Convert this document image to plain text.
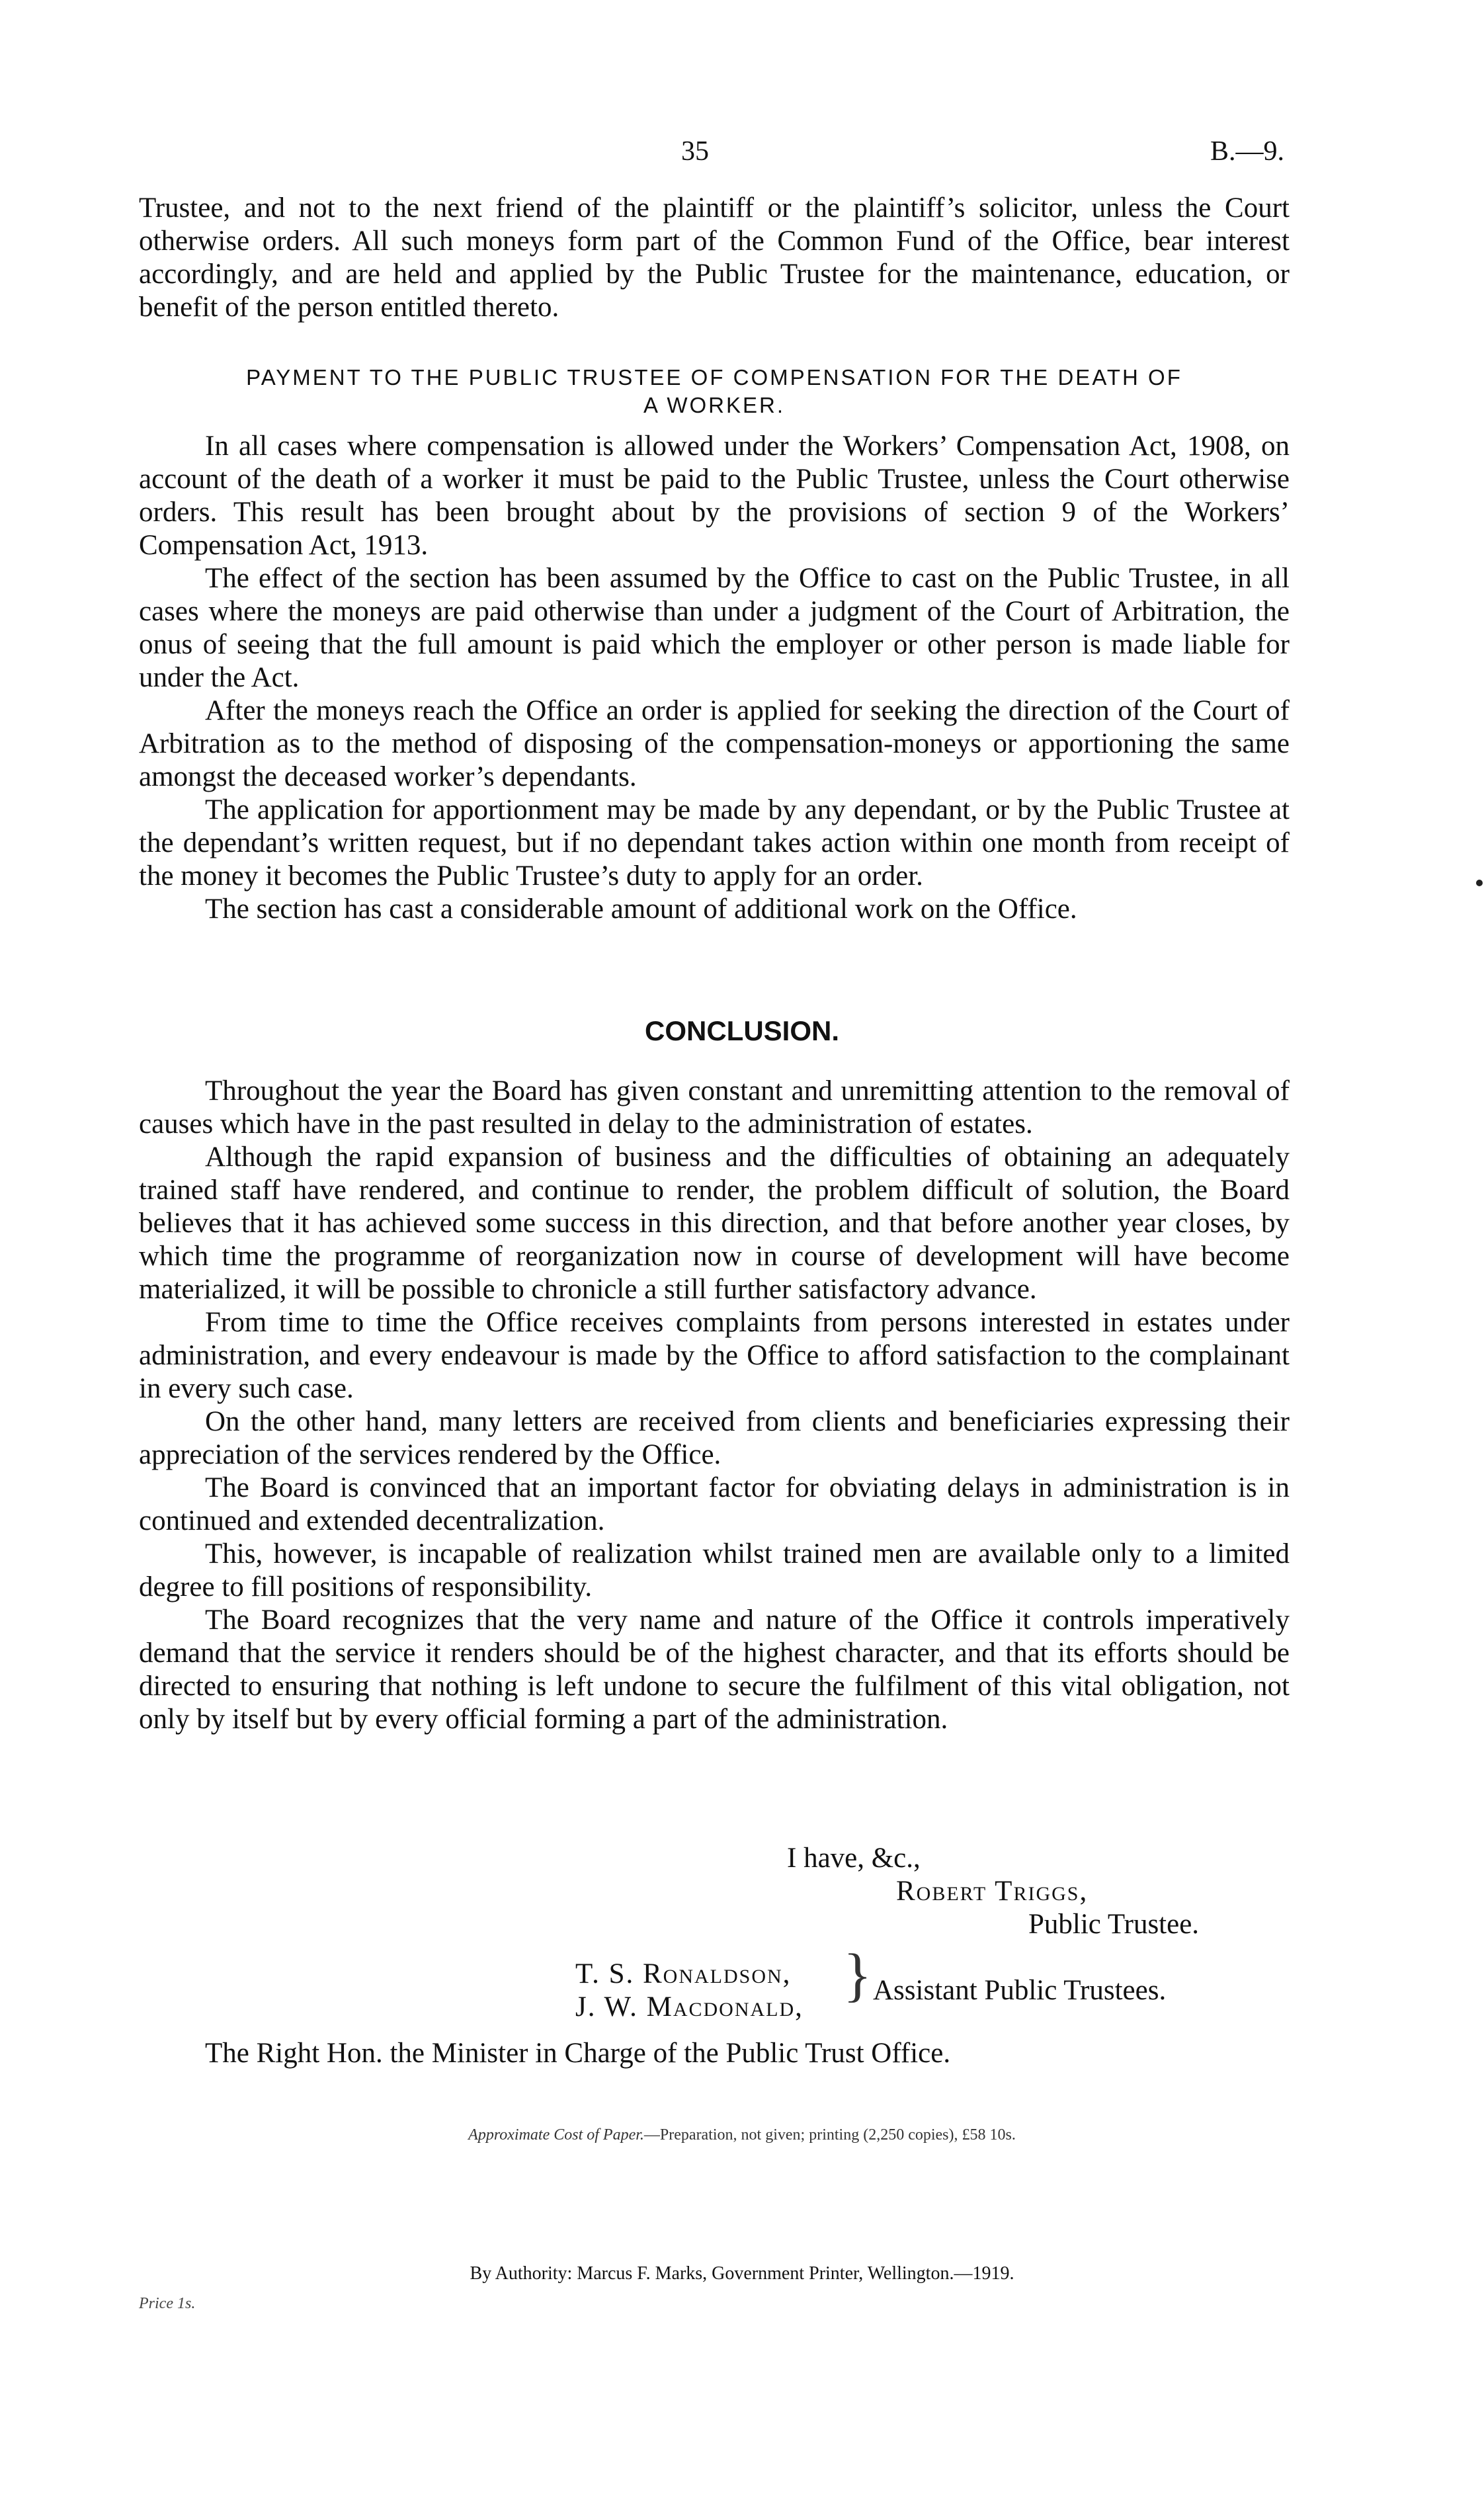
35	B.—9.

Trustee, and not to the next friend of the plaintiff or the plaintiff’s solicitor, unless the Court otherwise orders. All such moneys form part of the Common Fund of the Office, bear interest accordingly, and are held and applied by the Public Trustee for the maintenance, education, or benefit of the person entitled thereto.

PAYMENT TO THE PUBLIC TRUSTEE OF COMPENSATION FOR THE DEATH OF
A WORKER.

In all cases where compensation is allowed under the Workers’ Compensation Act, 1908, on account of the death of a worker it must be paid to the Public Trustee, unless the Court otherwise orders. This result has been brought about by the provisions of section 9 of the Workers’ Compensation Act, 1913.

The effect of the section has been assumed by the Office to cast on the Public Trustee, in all cases where the moneys are paid otherwise than under a judgment of the Court of Arbitration, the onus of seeing that the full amount is paid which the employer or other person is made liable for under the Act.

After the moneys reach the Office an order is applied for seeking the direction of the Court of Arbitration as to the method of disposing of the compensation-moneys or apportioning the same amongst the deceased worker’s dependants.

The application for apportionment may be made by any dependant, or by the Public Trustee at the dependant’s written request, but if no dependant takes action within one month from receipt of the money it becomes the Public Trustee’s duty to apply for an order.

The section has cast a considerable amount of additional work on the Office.

CONCLUSION.

Throughout the year the Board has given constant and unremitting attention to the removal of causes which have in the past resulted in delay to the administration of estates.

Although the rapid expansion of business and the difficulties of obtaining an adequately trained staff have rendered, and continue to render, the problem difficult of solution, the Board believes that it has achieved some success in this direction, and that before another year closes, by which time the programme of reorganization now in course of development will have become materialized, it will be possible to chronicle a still further satisfactory advance.

From time to time the Office receives complaints from persons interested in estates under administration, and every endeavour is made by the Office to afford satisfaction to the complainant in every such case.

On the other hand, many letters are received from clients and beneficiaries expressing their appreciation of the services rendered by the Office.

The Board is convinced that an important factor for obviating delays in administration is in continued and extended decentralization.

This, however, is incapable of realization whilst trained men are available only to a limited degree to fill positions of responsibility.

The Board recognizes that the very name and nature of the Office it controls imperatively demand that the service it renders should be of the highest character, and that its efforts should be directed to ensuring that nothing is left undone to secure the fulfilment of this vital obligation, not only by itself but by every official forming a part of the administration.

I have, &c.,
Robert Triggs,
Public Trustee.
T. S. Ronaldson,
J. W. Macdonald, } Assistant Public Trustees.
The Right Hon. the Minister in Charge of the Public Trust Office.
Approximate Cost of Paper.—Preparation, not given; printing (2,250 copies), £58 10s.
By Authority: Marcus F. Marks, Government Printer, Wellington.—1919.
Price 1s.
